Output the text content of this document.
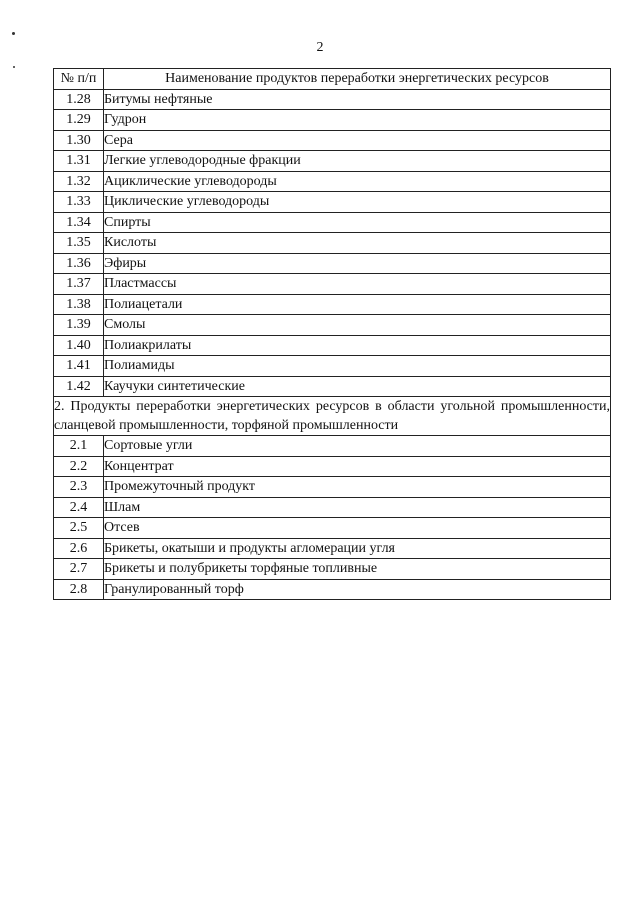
2
№ п/п	Наименование продуктов переработки энергетических ресурсов
1.28	Битумы нефтяные
1.29	Гудрон
1.30	Сера
1.31	Легкие углеводородные фракции
1.32	Ациклические углеводороды
1.33	Циклические углеводороды
1.34	Спирты
1.35	Кислоты
1.36	Эфиры
1.37	Пластмассы
1.38	Полиацетали
1.39	Смолы
1.40	Полиакрилаты
1.41	Полиамиды
1.42	Каучуки синтетические
2. Продукты переработки энергетических ресурсов в области угольной промышленности, сланцевой промышленности, торфяной промышленности	
2.1	Сортовые угли
2.2	Концентрат
2.3	Промежуточный продукт
2.4	Шлам
2.5	Отсев
2.6	Брикеты, окатыши и продукты агломерации угля
2.7	Брикеты и полубрикеты торфяные топливные
2.8	Гранулированный торф
